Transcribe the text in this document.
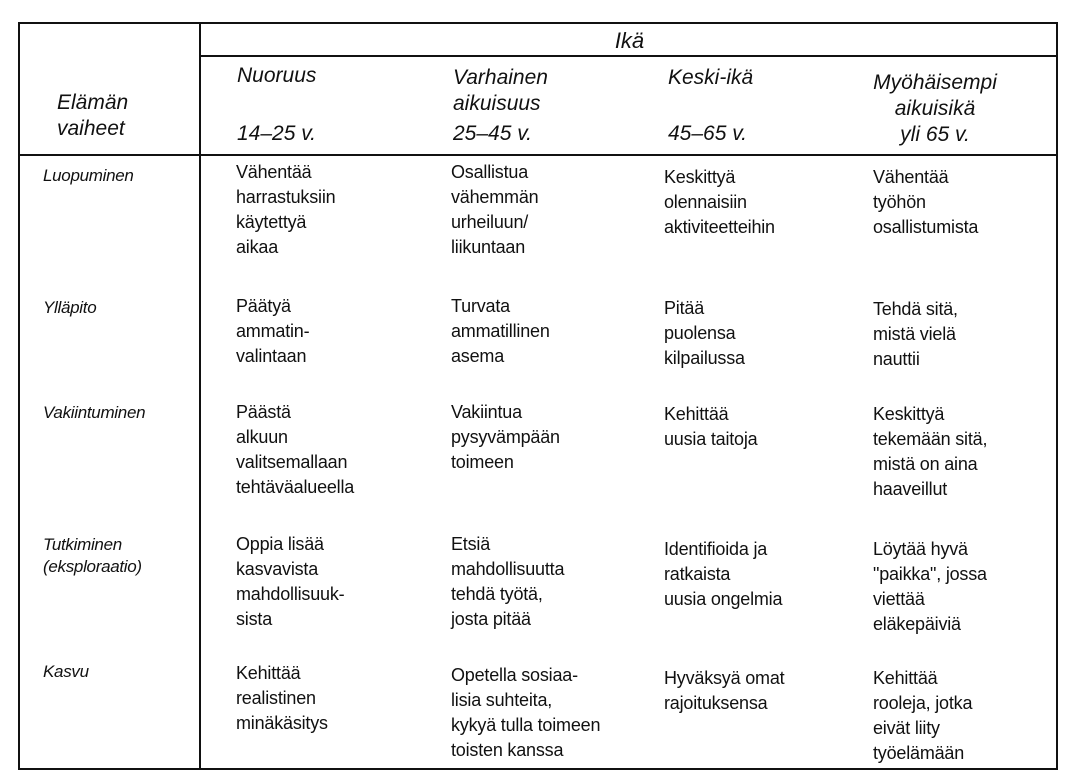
Ikä
Elämän
vaiheet
Nuoruus
14–25 v.
Varhainen
aikuisuus
25–45 v.
Keski-ikä
45–65 v.
Myöhäisempi
aikuisikä
yli 65 v.
Luopuminen
Ylläpito
Vakiintuminen
Tutkiminen
(eksploraatio)
Kasvu
Vähentää
harrastuksiin
käytettyä
aikaa
Osallistua
vähemmän
urheiluun/
liikuntaan
Keskittyä
olennaisiin
aktiviteetteihin
Vähentää
työhön
osallistumista
Päätyä
ammatin-
valintaan
Turvata
ammatillinen
asema
Pitää
puolensa
kilpailussa
Tehdä sitä,
mistä vielä
nauttii
Päästä
alkuun
valitsemallaan
tehtäväalueella
Vakiintua
pysyvämpään
toimeen
Kehittää
uusia taitoja
Keskittyä
tekemään sitä,
mistä on aina
haaveillut
Oppia lisää
kasvavista
mahdollisuuk-
sista
Etsiä
mahdollisuutta
tehdä työtä,
josta pitää
Identifioida ja
ratkaista
uusia ongelmia
Löytää hyvä
"paikka", jossa
viettää
eläkepäiviä
Kehittää
realistinen
minäkäsitys
Opetella sosiaa-
lisia suhteita,
kykyä tulla toimeen
toisten kanssa
Hyväksyä omat
rajoituksensa
Kehittää
rooleja, jotka
eivät liity
työelämään
